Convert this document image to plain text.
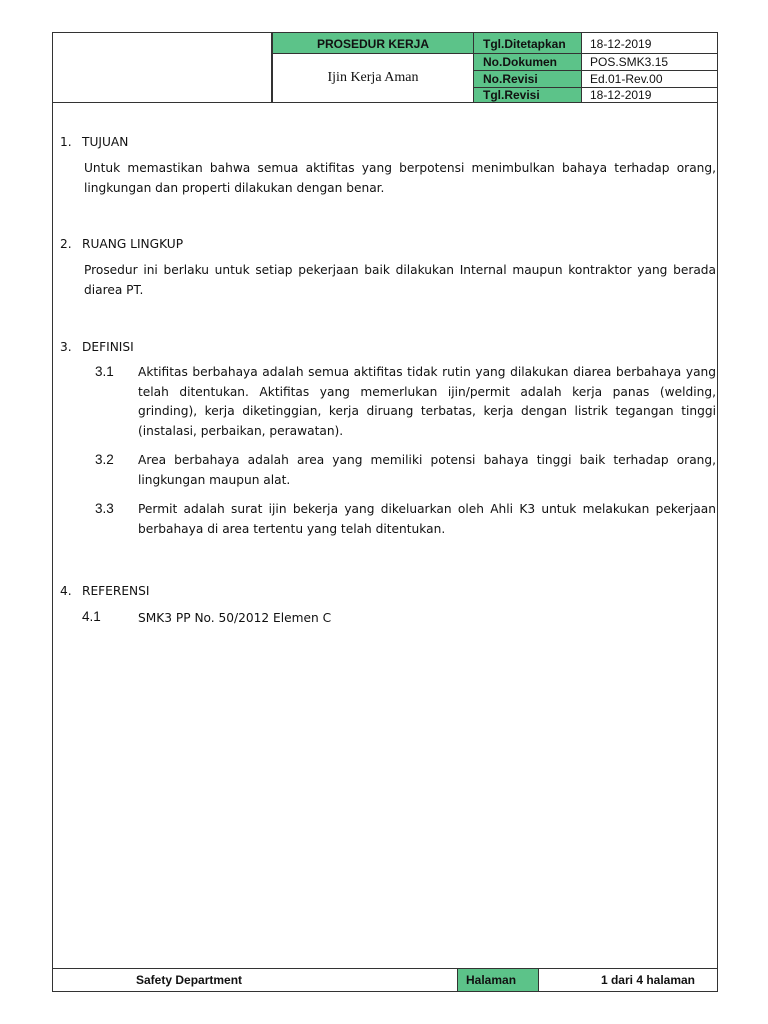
PROSEDUR KERJA
Ijin Kerja Aman
Tgl.Ditetapkan	18-12-2019
No.Dokumen	POS.SMK3.15
No.Revisi	Ed.01-Rev.00
Tgl.Revisi	18-12-2019
1. TUJUAN
Untuk memastikan bahwa semua aktifitas yang berpotensi menimbulkan bahaya terhadap orang, lingkungan dan properti dilakukan dengan benar.
2. RUANG LINGKUP
Prosedur ini berlaku untuk setiap pekerjaan baik dilakukan Internal maupun kontraktor yang berada diarea PT.
3. DEFINISI
3.1 Aktifitas berbahaya adalah semua aktifitas tidak rutin yang dilakukan diarea berbahaya yang telah ditentukan. Aktifitas yang memerlukan ijin/permit adalah kerja panas (welding, grinding), kerja diketinggian, kerja diruang terbatas, kerja dengan listrik tegangan tinggi (instalasi, perbaikan, perawatan).
3.2 Area berbahaya adalah area yang memiliki potensi bahaya tinggi baik terhadap orang, lingkungan maupun alat.
3.3 Permit adalah surat ijin bekerja yang dikeluarkan oleh Ahli K3 untuk melakukan pekerjaan berbahaya di area tertentu yang telah ditentukan.
4. REFERENSI
4.1	SMK3 PP No. 50/2012 Elemen C
Safety Department	Halaman	1 dari 4 halaman
